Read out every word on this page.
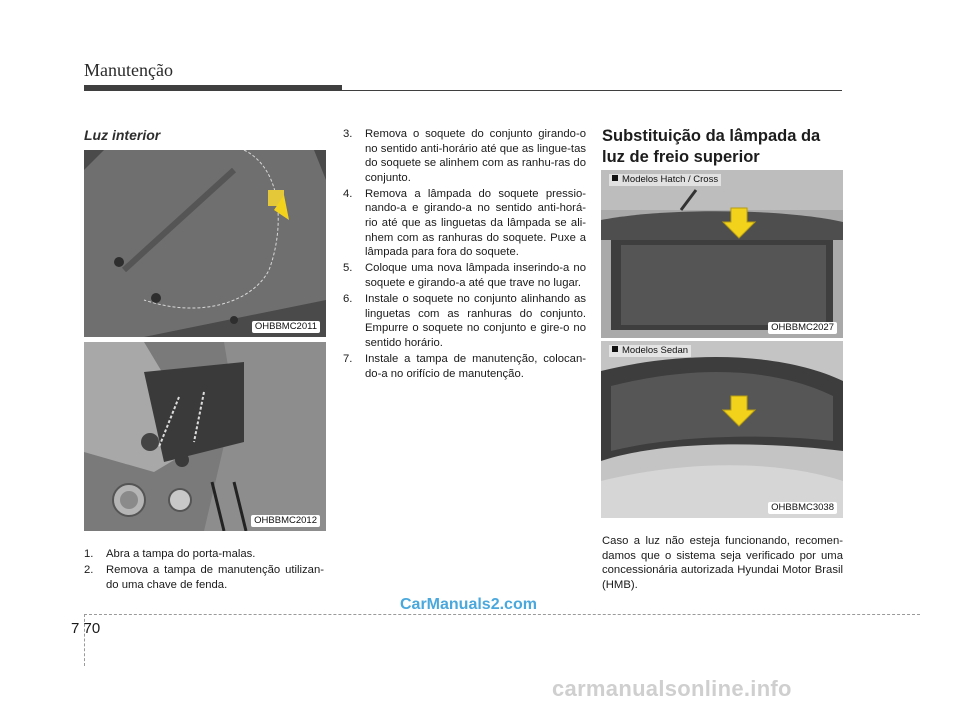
Manutenção
Luz interior
OHBBMC2011
OHBBMC2012
1. Abra a tampa do porta-malas.
2. Remova a tampa de manutenção utilizan-do uma chave de fenda.
3. Remova o soquete do conjunto girando-o no sentido anti-horário até que as lingue-tas do soquete se alinhem com as ranhu-ras do conjunto.
4. Remova a lâmpada do soquete pressio-nando-a e girando-a no sentido anti-horá-rio até que as linguetas da lâmpada se ali-nhem com as ranhuras do soquete. Puxe a lâmpada para fora do soquete.
5. Coloque uma nova lâmpada inserindo-a no soquete e girando-a até que trave no lugar.
6. Instale o soquete no conjunto alinhando as linguetas com as ranhuras do conjunto. Empurre o soquete no conjunto e gire-o no sentido horário.
7. Instale a tampa de manutenção, colocan-do-a no orifício de manutenção.
Substituição da lâmpada da luz de freio superior
Modelos Hatch / Cross
OHBBMC2027
Modelos Sedan
OHBBMC3038
Caso a luz não esteja funcionando, recomen-damos que o sistema seja verificado por uma concessionária autorizada Hyundai Motor Brasil (HMB).
CarManuals2.com
7 70
carmanualsonline.info
